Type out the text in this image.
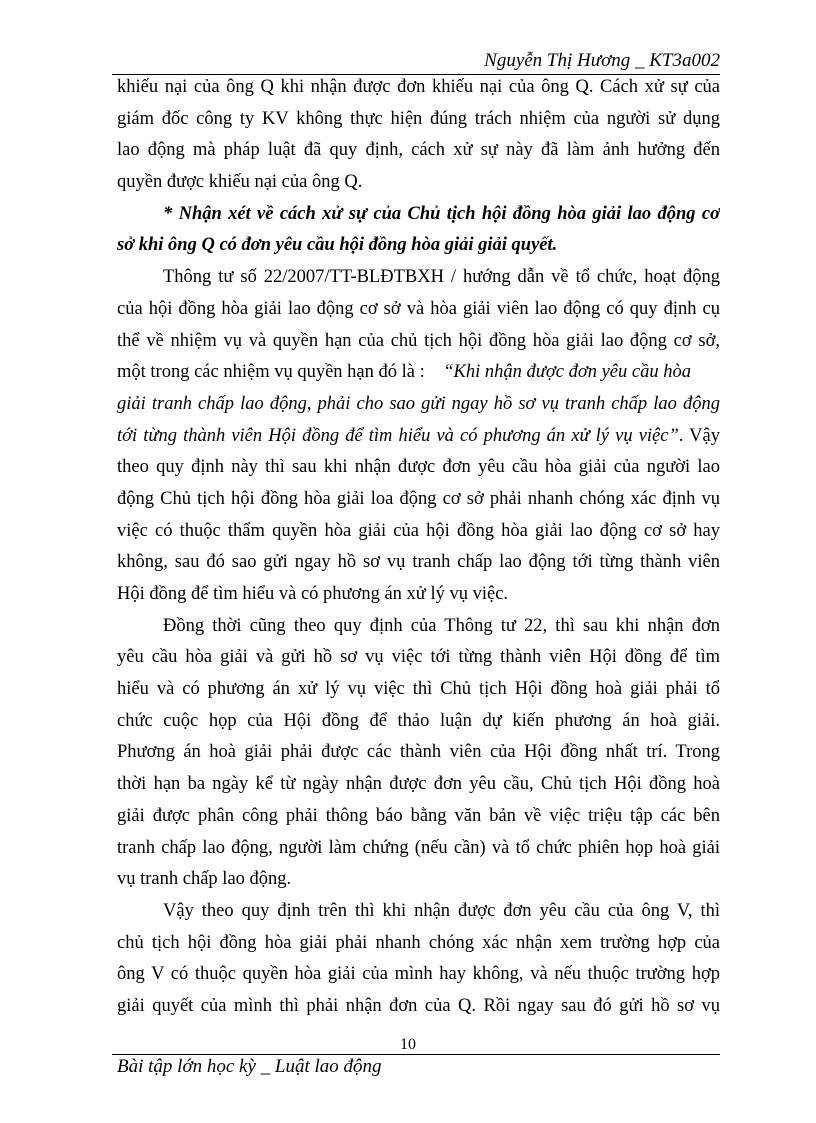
Nguyễn Thị Hương _ KT3a002
khiếu nại của ông Q khi nhận được đơn khiếu nại của ông Q. Cách xử sự của
giám đốc công ty KV không thực hiện đúng trách nhiệm của người sử dụng
lao động mà pháp luật đã quy định, cách xử sự này đã làm ảnh hưởng đến
quyền được khiếu nại của ông Q.
* Nhận xét về cách xử sự của Chủ tịch hội đồng hòa giải lao động cơ
sở khi ông Q có đơn yêu cầu hội đồng hòa giải giải quyết.
Thông tư số 22/2007/TT-BLĐTBXH / hướng dẫn về tổ chức, hoạt động
của hội đồng hòa giải lao động cơ sở và hòa giải viên lao động có quy định cụ
thể về nhiệm vụ và quyền hạn của chủ tịch hội đồng hòa giải lao động cơ sở,
một trong các nhiệm vụ quyền hạn đó là : “Khi nhận được đơn yêu cầu hòa
giải tranh chấp lao động, phải cho sao gửi ngay hồ sơ vụ tranh chấp lao động
tới từng thành viên Hội đồng để tìm hiểu và có phương án xử lý vụ việc”. Vậy
theo quy định này thì sau khi nhận được đơn yêu cầu hòa giải của người lao
động Chủ tịch hội đồng hòa giải loa động cơ sở phải nhanh chóng xác định vụ
việc có thuộc thẩm quyền hòa giải của hội đồng hòa giải lao động cơ sở hay
không, sau đó sao gửi ngay hồ sơ vụ tranh chấp lao động tới từng thành viên
Hội đồng để tìm hiểu và có phương án xử lý vụ việc.
Đồng thời cũng theo quy định của Thông tư 22, thì sau khi nhận đơn
yêu cầu hòa giải và gửi hồ sơ vụ việc tới từng thành viên Hội đồng để tìm
hiểu và có phương án xử lý vụ việc thì Chủ tịch Hội đồng hoà giải phải tổ
chức cuộc họp của Hội đồng để thảo luận dự kiến phương án hoà giải.
Phương án hoà giải phải được các thành viên của Hội đồng nhất trí. Trong
thời hạn ba ngày kể từ ngày nhận được đơn yêu cầu, Chủ tịch Hội đồng hoà
giải được phân công phải thông báo bằng văn bản về việc triệu tập các bên
tranh chấp lao động, người làm chứng (nếu cần) và tổ chức phiên họp hoà giải
vụ tranh chấp lao động.
Vậy theo quy định trên thì khi nhận được đơn yêu cầu của ông V, thì
chủ tịch hội đồng hòa giải phải nhanh chóng xác nhận xem trường hợp của
ông V có thuộc quyền hòa giải của mình hay không, và nếu thuộc trường hợp
giải quyết của mình thì phải nhận đơn của Q. Rồi ngay sau đó gửi hồ sơ vụ
10
Bài tập lớn học kỳ _ Luật lao động
